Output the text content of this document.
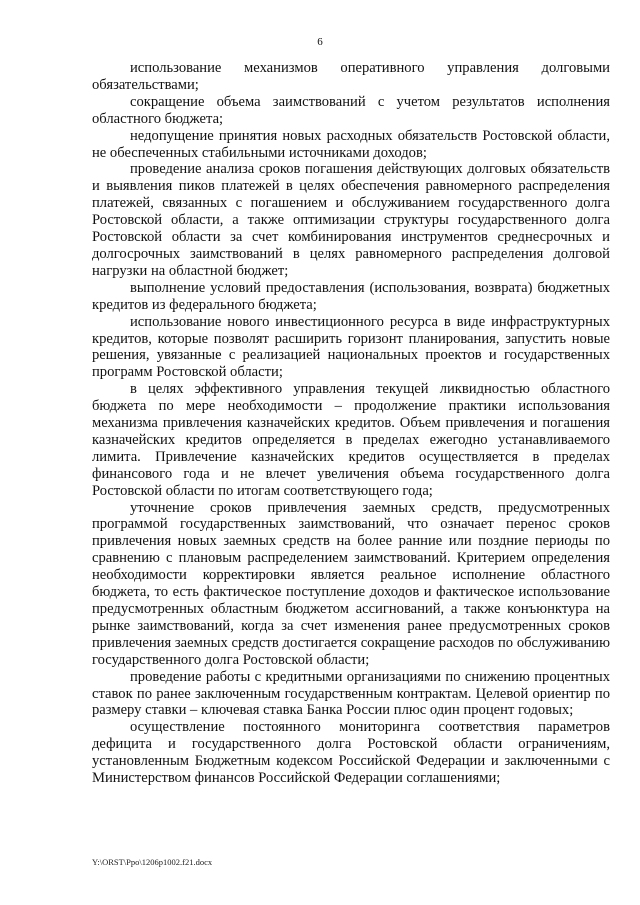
6

использование механизмов оперативного управления долговыми обязательствами;

сокращение объема заимствований с учетом результатов исполнения областного бюджета;

недопущение принятия новых расходных обязательств Ростовской области, не обеспеченных стабильными источниками доходов;

проведение анализа сроков погашения действующих долговых обязательств и выявления пиков платежей в целях обеспечения равномерного распределения платежей, связанных с погашением и обслуживанием государственного долга Ростовской области, а также оптимизации структуры государственного долга Ростовской области за счет комбинирования инструментов среднесрочных и долгосрочных заимствований в целях равномерного распределения долговой нагрузки на областной бюджет;

выполнение условий предоставления (использования, возврата) бюджетных кредитов из федерального бюджета;

использование нового инвестиционного ресурса в виде инфраструктурных кредитов, которые позволят расширить горизонт планирования, запустить новые решения, увязанные с реализацией национальных проектов и государственных программ Ростовской области;

в целях эффективного управления текущей ликвидностью областного бюджета по мере необходимости – продолжение практики использования механизма привлечения казначейских кредитов. Объем привлечения и погашения казначейских кредитов определяется в пределах ежегодно устанавливаемого лимита. Привлечение казначейских кредитов осуществляется в пределах финансового года и не влечет увеличения объема государственного долга Ростовской области по итогам соответствующего года;

уточнение сроков привлечения заемных средств, предусмотренных программой государственных заимствований, что означает перенос сроков привлечения новых заемных средств на более ранние или поздние периоды по сравнению с плановым распределением заимствований. Критерием определения необходимости корректировки является реальное исполнение областного бюджета, то есть фактическое поступление доходов и фактическое использование предусмотренных областным бюджетом ассигнований, а также конъюнктура на рынке заимствований, когда за счет изменения ранее предусмотренных сроков привлечения заемных средств достигается сокращение расходов по обслуживанию государственного долга Ростовской области;

проведение работы с кредитными организациями по снижению процентных ставок по ранее заключенным государственным контрактам. Целевой ориентир по размеру ставки – ключевая ставка Банка России плюс один процент годовых;

осуществление постоянного мониторинга соответствия параметров дефицита и государственного долга Ростовской области ограничениям, установленным Бюджетным кодексом Российской Федерации и заключенными с Министерством финансов Российской Федерации соглашениями;

Y:\ORST\Ppo\1206p1002.f21.docx
